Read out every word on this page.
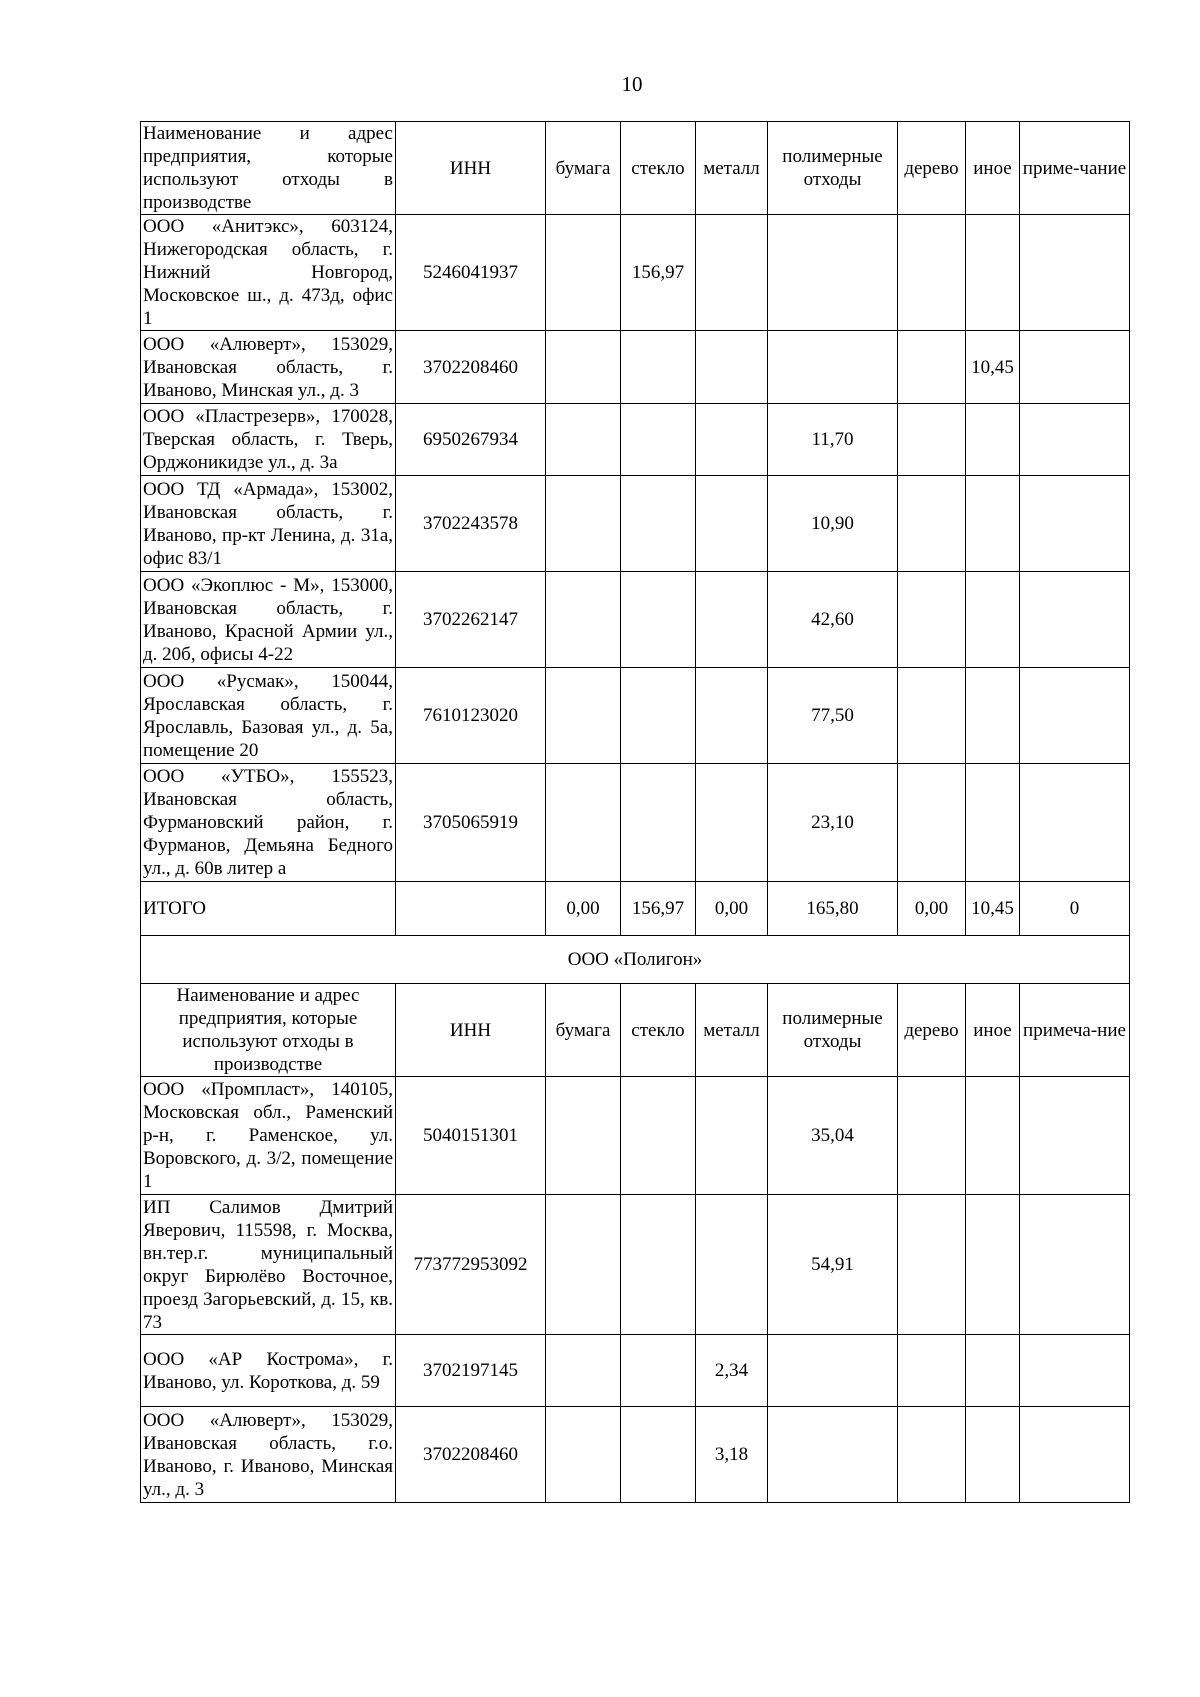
10
Наименование и адрес предприятия, которые используют отходы в производстве	ИНН	бумага	стекло	металл	полимерные отходы	дерево	иное	приме-чание
ООО «Анитэкс», 603124, Нижегородская область, г. Нижний Новгород, Московское ш., д. 473д, офис 1	5246041937		156,97					
ООО «Алюверт», 153029, Ивановская область, г. Иваново, Минская ул., д. 3	3702208460						10,45	
ООО «Пластрезерв», 170028, Тверская область, г. Тверь, Орджоникидзе ул., д. 3а	6950267934				11,70			
ООО ТД «Армада», 153002, Ивановская область, г. Иваново, пр-кт Ленина, д. 31а, офис 83/1	3702243578				10,90			
ООО «Экоплюс - М», 153000, Ивановская область, г. Иваново, Красной Армии ул., д. 20б, офисы 4-22	3702262147				42,60			
ООО «Русмак», 150044, Ярославская область, г. Ярославль, Базовая ул., д. 5а, помещение 20	7610123020				77,50			
ООО «УТБО», 155523, Ивановская область, Фурмановский район, г. Фурманов, Демьяна Бедного ул., д. 60в литер а	3705065919				23,10			
ИТОГО		0,00	156,97	0,00	165,80	0,00	10,45	0
ООО «Полигон»								
Наименование и адрес предприятия, которые используют отходы в производстве	ИНН	бумага	стекло	металл	полимерные отходы	дерево	иное	примеча-ние
ООО «Промпласт», 140105, Московская обл., Раменский р-н, г. Раменское, ул. Воровского, д. 3/2, помещение 1	5040151301				35,04			
ИП Салимов Дмитрий Яверович, 115598, г. Москва, вн.тер.г. муниципальный округ Бирюлёво Восточное, проезд Загорьевский, д. 15, кв. 73	773772953092				54,91			
ООО «АР Кострома», г. Иваново, ул. Короткова, д. 59	3702197145			2,34				
ООО «Алюверт», 153029, Ивановская область, г.о. Иваново, г. Иваново, Минская ул., д. 3	3702208460			3,18				
